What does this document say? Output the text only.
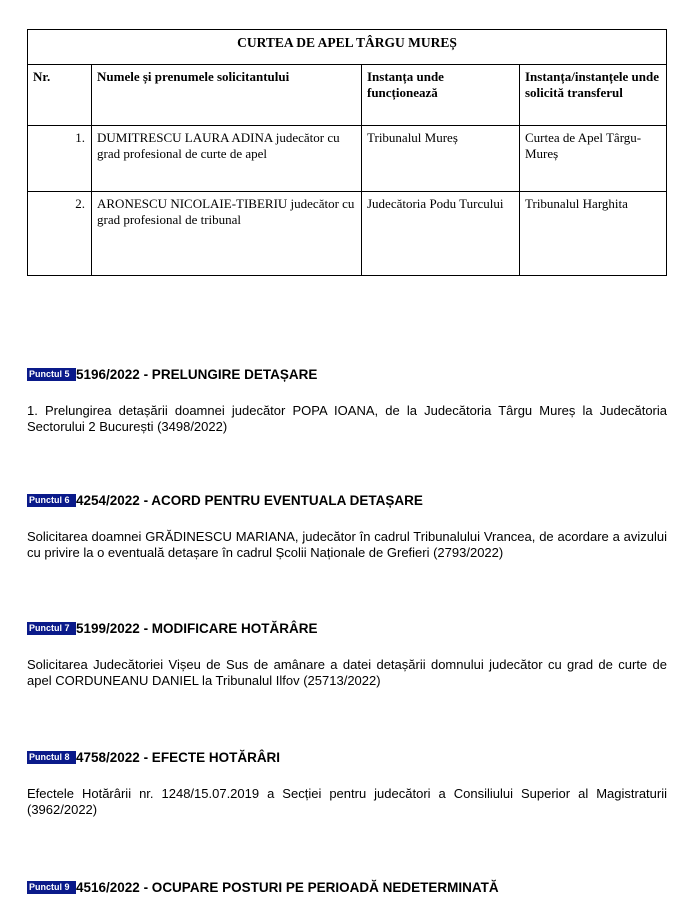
CURTEA DE APEL TÂRGU MUREȘ			
Nr.	Numele și prenumele solicitantului	Instanța unde funcționează	Instanța/instanțele unde solicită transferul
1.	DUMITRESCU LAURA ADINA judecător cu grad profesional de curte de apel	Tribunalul Mureș	Curtea de Apel Târgu-Mureș
2.	ARONESCU NICOLAIE-TIBERIU judecător cu grad profesional de tribunal	Judecătoria Podu Turcului	Tribunalul Harghita
Punctul 5 5196/2022 - PRELUNGIRE DETAȘARE
1. Prelungirea detașării doamnei judecător POPA IOANA, de la Judecătoria Târgu Mureș la Judecătoria Sectorului 2 București (3498/2022)
Punctul 6 4254/2022 - ACORD PENTRU EVENTUALA DETAȘARE
Solicitarea doamnei GRĂDINESCU MARIANA, judecător în cadrul Tribunalului Vrancea, de acordare a avizului cu privire la o eventuală detașare în cadrul Școlii Naționale de Grefieri (2793/2022)
Punctul 7 5199/2022 - MODIFICARE HOTĂRÂRE
Solicitarea Judecătoriei Vișeu de Sus de amânare a datei detașării domnului judecător cu grad de curte de apel CORDUNEANU DANIEL la Tribunalul Ilfov (25713/2022)
Punctul 8 4758/2022 - EFECTE HOTĂRÂRI
Efectele Hotărârii nr. 1248/15.07.2019 a Secției pentru judecători a Consiliului Superior al Magistraturii (3962/2022)
Punctul 9 4516/2022 - OCUPARE POSTURI PE PERIOADĂ NEDETERMINATĂ
